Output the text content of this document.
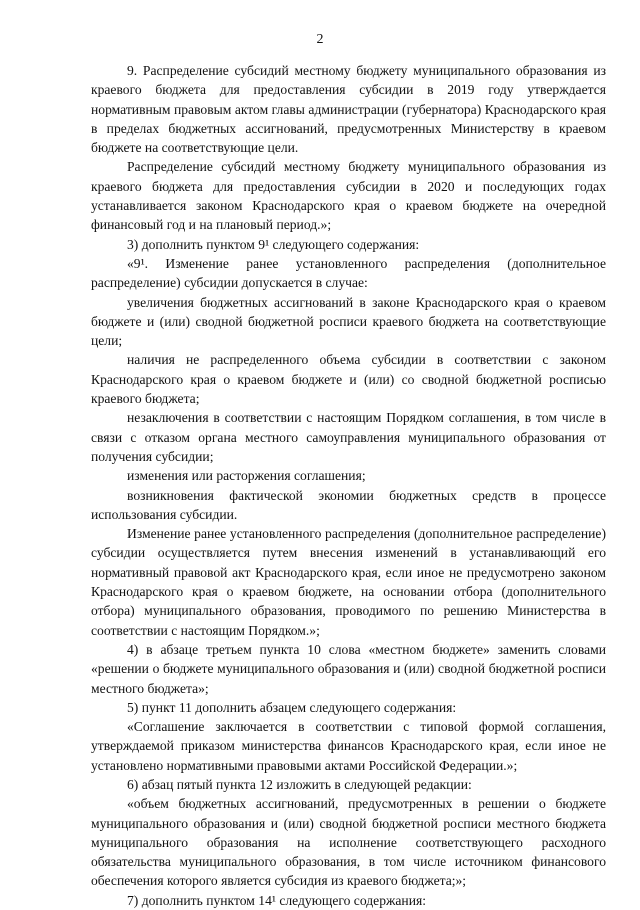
2

9. Распределение субсидий местному бюджету муниципального образования из краевого бюджета для предоставления субсидии в 2019 году утверждается нормативным правовым актом главы администрации (губернатора) Краснодарского края в пределах бюджетных ассигнований, предусмотренных Министерству в краевом бюджете на соответствующие цели.

Распределение субсидий местному бюджету муниципального образования из краевого бюджета для предоставления субсидии в 2020 и последующих годах устанавливается законом Краснодарского края о краевом бюджете на очередной финансовый год и на плановый период.»;

3) дополнить пунктом 9¹ следующего содержания:

«9¹. Изменение ранее установленного распределения (дополнительное распределение) субсидии допускается в случае:

увеличения бюджетных ассигнований в законе Краснодарского края о краевом бюджете и (или) сводной бюджетной росписи краевого бюджета на соответствующие цели;

наличия не распределенного объема субсидии в соответствии с законом Краснодарского края о краевом бюджете и (или) со сводной бюджетной росписью краевого бюджета;

незаключения в соответствии с настоящим Порядком соглашения, в том числе в связи с отказом органа местного самоуправления муниципального образования от получения субсидии;

изменения или расторжения соглашения;

возникновения фактической экономии бюджетных средств в процессе использования субсидии.

Изменение ранее установленного распределения (дополнительное распределение) субсидии осуществляется путем внесения изменений в устанавливающий его нормативный правовой акт Краснодарского края, если иное не предусмотрено законом Краснодарского края о краевом бюджете, на основании отбора (дополнительного отбора) муниципального образования, проводимого по решению Министерства в соответствии с настоящим Порядком.»;

4) в абзаце третьем пункта 10 слова «местном бюджете» заменить словами «решении о бюджете муниципального образования и (или) сводной бюджетной росписи местного бюджета»;

5) пункт 11 дополнить абзацем следующего содержания:

«Соглашение заключается в соответствии с типовой формой соглашения, утверждаемой приказом министерства финансов Краснодарского края, если иное не установлено нормативными правовыми актами Российской Федерации.»;

6) абзац пятый пункта 12 изложить в следующей редакции:

«объем бюджетных ассигнований, предусмотренных в решении о бюджете муниципального образования и (или) сводной бюджетной росписи местного бюджета муниципального образования на исполнение соответствующего расходного обязательства муниципального образования, в том числе источником финансового обеспечения которого является субсидия из краевого бюджета;»;

7) дополнить пунктом 14¹ следующего содержания:
